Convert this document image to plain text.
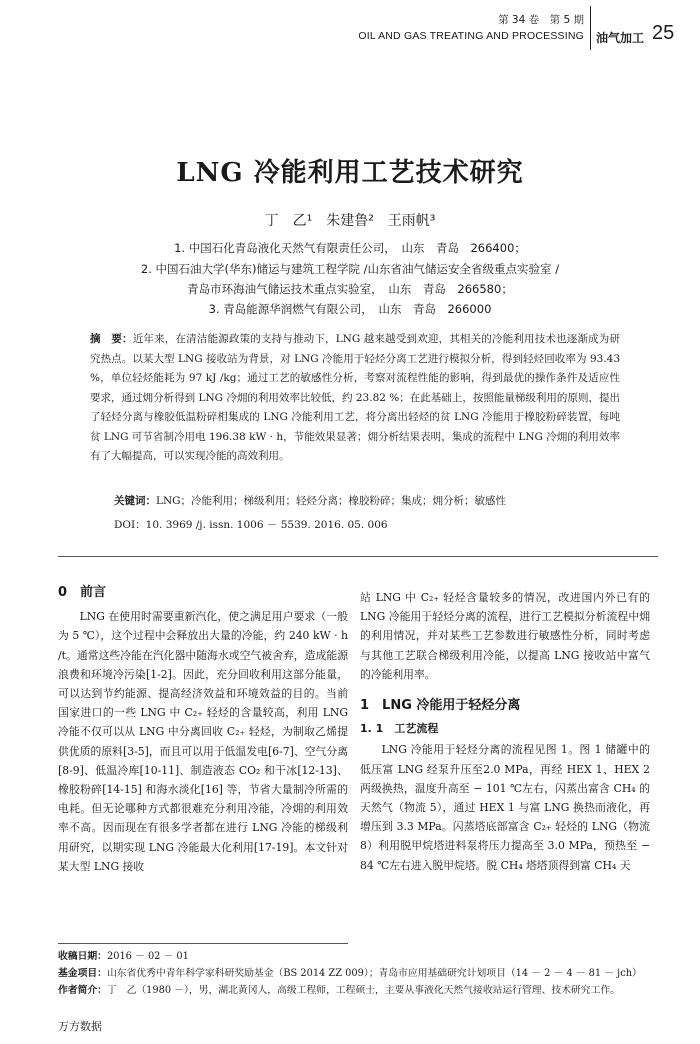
第 34 卷　第 5 期
OIL AND GAS TREATING AND PROCESSING 油气加工 25
LNG 冷能利用工艺技术研究
丁　乙¹　朱建鲁²　王雨帆³
1. 中国石化青岛液化天然气有限责任公司，　山东　青岛　266400；
2. 中国石油大学(华东)储运与建筑工程学院 /山东省油气储运安全省级重点实验室 /
青岛市环海油气储运技术重点实验室，　山东　青岛　266580；
3. 青岛能源华润燃气有限公司，　山东　青岛　266000
摘　要：近年来，在清洁能源政策的支持与推动下，LNG 越来越受到欢迎，其相关的冷能利用技术也逐渐成为研究热点。以某大型 LNG 接收站为背景，对 LNG 冷能用于轻烃分离工艺进行模拟分析，得到轻烃回收率为 93.43 %，单位轻烃能耗为 97 kJ /kg；通过工艺的敏感性分析，考察对流程性能的影响，得到最优的操作条件及适应性要求，通过㶲分析得到 LNG 冷㶲的利用效率比较低，约 23.82 %；在此基础上，按照能量梯级利用的原则，提出了轻烃分离与橡胶低温粉碎相集成的 LNG 冷能利用工艺，将分离出轻烃的贫 LNG 冷能用于橡胶粉碎装置，每吨贫 LNG 可节省制冷用电 196.38 kW · h，节能效果显著；㶲分析结果表明，集成的流程中 LNG 冷㶲的利用效率有了大幅提高，可以实现冷能的高效利用。
关键词：LNG；冷能利用；梯级利用；轻烃分离；橡胶粉碎；集成；㶲分析；敏感性
DOI：10. 3969 /j. issn. 1006 － 5539. 2016. 05. 006
0　前言

LNG 在使用时需要重新汽化，使之满足用户要求（一般为 5 ℃），这个过程中会释放出大量的冷能，约 240 kW · h /t。通常这些冷能在汽化器中随海水或空气被舍弃，造成能源浪费和环境冷污染[1-2]。因此，充分回收利用这部分能量，可以达到节约能源、提高经济效益和环境效益的目的。当前国家进口的一些 LNG 中 C₂₊ 轻烃的含量较高，利用 LNG 冷能不仅可以从 LNG 中分离回收 C₂₊ 轻烃，为制取乙烯提供优质的原料[3-5]，而且可以用于低温发电[6-7]、空气分离[8-9]、低温冷库[10-11]、制造液态 CO₂ 和干冰[12-13]、橡胶粉碎[14-15] 和海水淡化[16] 等，节省大量制冷所需的电耗。但无论哪种方式都很难充分利用冷能，冷㶲的利用效率不高。因而现在有很多学者都在进行 LNG 冷能的梯级利用研究，以期实现 LNG 冷能最大化利用[17-19]。本文针对某大型 LNG 接收

站 LNG 中 C₂₊ 轻烃含量较多的情况，改进国内外已有的 LNG 冷能用于轻烃分离的流程，进行工艺模拟分析流程中㶲的利用情况，并对某些工艺参数进行敏感性分析，同时考虑与其他工艺联合梯级利用冷能，以提高 LNG 接收站中富气的冷能利用率。

1　LNG 冷能用于轻烃分离
1. 1　工艺流程

LNG 冷能用于轻烃分离的流程见图 1。图 1 储罐中的低压富 LNG 经泵升压至2.0 MPa，再经 HEX 1、HEX 2 两级换热，温度升高至 − 101 ℃左右，闪蒸出富含 CH₄ 的天然气（物流 5），通过 HEX 1 与富 LNG 换热而液化，再增压到 3.3 MPa。闪蒸塔底部富含 C₂₊ 轻烃的 LNG（物流 8）利用脱甲烷塔进料泵将压力提高至 3.0 MPa，预热至 − 84 ℃左右进入脱甲烷塔。脱 CH₄ 塔塔顶得到富 CH₄ 天

收稿日期：2016 － 02 － 01
基金项目：山东省优秀中青年科学家科研奖励基金（BS 2014 ZZ 009）；青岛市应用基础研究计划项目（14 － 2 － 4 － 81 － jch）
作者简介：丁　乙（1980 －），男，湖北黄冈人，高级工程师，工程硕士，主要从事液化天然气接收站运行管理、技术研究工作。
万方数据
